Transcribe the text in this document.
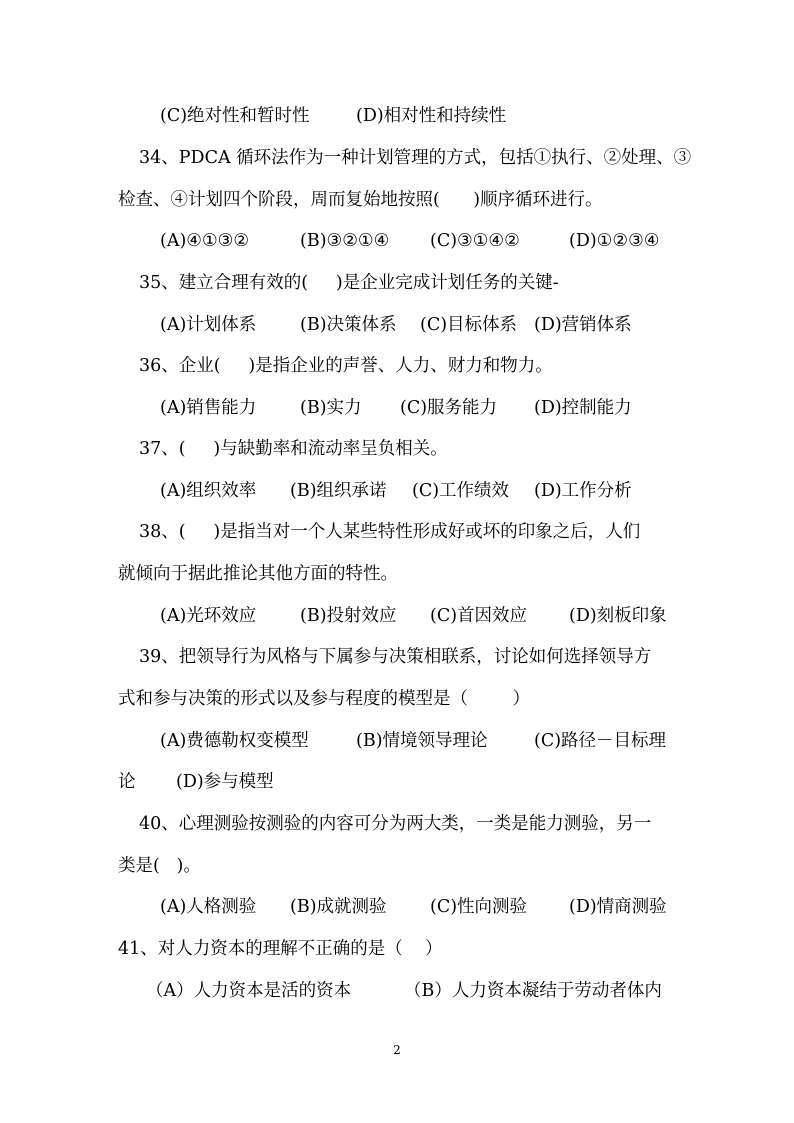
(C)绝对性和暂时性

	(D)相对性和持续性

34、PDCA 循环法作为一种计划管理的方式，包括①执行、②处理、③

检查、④计划四个阶段，周而复始地按照(      )顺序循环进行。

(A)④①③②

	(B)③②①④

(C)③①④②

	(D)①②③④

35、建立合理有效的(     )是企业完成计划任务的关键-

(A)计划体系

(B)决策体系

(C)目标体系

(D)营销体系

36、企业(     )是指企业的声誉、人力、财力和物力。

(A)销售能力

(B)实力

(C)服务能力

(D)控制能力

37、(     )与缺勤率和流动率呈负相关。

(A)组织效率

(B)组织承诺

(C)工作绩效

(D)工作分析

38、(     )是指当对一个人某些特性形成好或坏的印象之后，人们

就倾向于据此推论其他方面的特性。

(A)光环效应

(B)投射效应

(C)首因效应

(D)刻板印象

39、把领导行为风格与下属参与决策相联系，讨论如何选择领导方

式和参与决策的形式以及参与程度的模型是（        ）

(A)费德勒权变模型

	(B)情境领导理论

	(C)路径－目标理

论

(D)参与模型

40、心理测验按测验的内容可分为两大类，一类是能力测验，另一

类是(   )。

(A)人格测验

(B)成就测验

(C)性向测验

(D)情商测验

41、对人力资本的理解不正确的是（    ）

（A）人力资本是活的资本

	（B）人力资本凝结于劳动者体内

2
